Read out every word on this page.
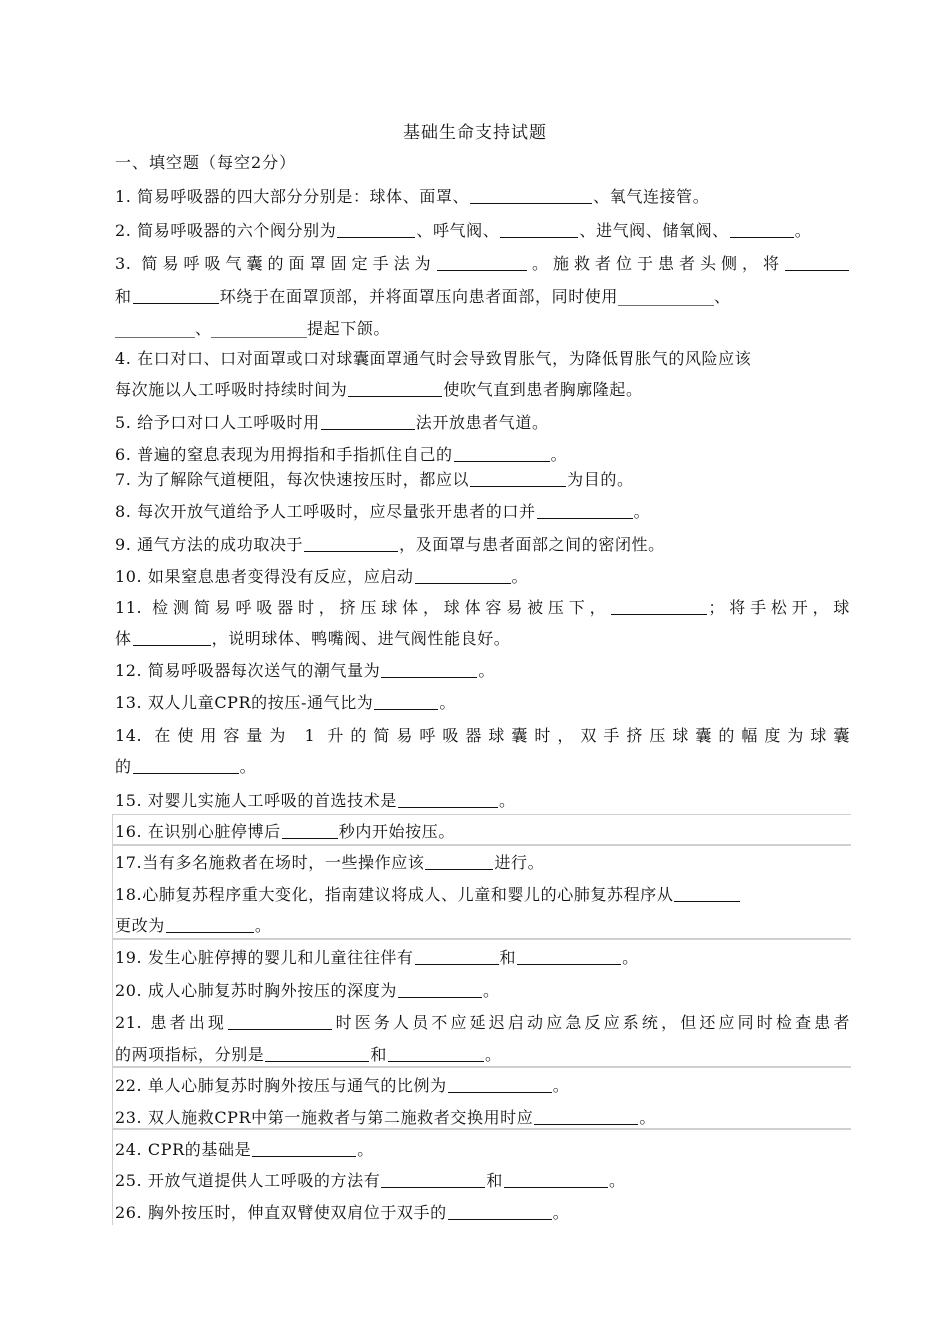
基础生命支持试题
一、填空题（每空2分）
1. 简易呼吸器的四大部分分别是：球体、面罩、	、氧气连接管。
2. 简易呼吸器的六个阀分别为	、呼气阀、	、进气阀、储氧阀、	。
3. 简易呼吸气囊的面罩固定手法为	。施救者位于患者头侧，将
和	环绕于在面罩顶部，并将面罩压向患者面部，同时使用____________、
__________、____________提起下颌。
4. 在口对口、口对面罩或口对球囊面罩通气时会导致胃胀气，为降低胃胀气的风险应该
每次施以人工呼吸时持续时间为	使吹气直到患者胸廓隆起。
5. 给予口对口人工呼吸时用	法开放患者气道。
6. 普遍的窒息表现为用拇指和手指抓住自己的	。
7. 为了解除气道梗阻，每次快速按压时，都应以	为目的。
8. 每次开放气道给予人工呼吸时，应尽量张开患者的口并	。
9. 通气方法的成功取决于	，及面罩与患者面部之间的密闭性。
10. 如果窒息患者变得没有反应，应启动	。
11. 检测简易呼吸器时，挤压球体，球体容易被压下，	；将手松开，球
体	，说明球体、鸭嘴阀、进气阀性能良好。
12. 简易呼吸器每次送气的潮气量为	。
13. 双人儿童CPR的按压-通气比为	。
14. 在使用容量为 1 升的简易呼吸器球囊时，双手挤压球囊的幅度为球囊
的	。
15. 对婴儿实施人工呼吸的首选技术是	。
16. 在识别心脏停博后	秒内开始按压。
17.当有多名施救者在场时，一些操作应该	进行。
18.心肺复苏程序重大变化，指南建议将成人、儿童和婴儿的心肺复苏程序从
更改为	。
19. 发生心脏停搏的婴儿和儿童往往伴有	和	。
20. 成人心肺复苏时胸外按压的深度为	。
21. 患者出现	时医务人员不应延迟启动应急反应系统，但还应同时检查患者
的两项指标，分别是	和	。
22. 单人心肺复苏时胸外按压与通气的比例为	。
23. 双人施救CPR中第一施救者与第二施救者交换用时应	。
24. CPR的基础是	。
25. 开放气道提供人工呼吸的方法有	和	。
26. 胸外按压时，伸直双臂使双肩位于双手的	。
